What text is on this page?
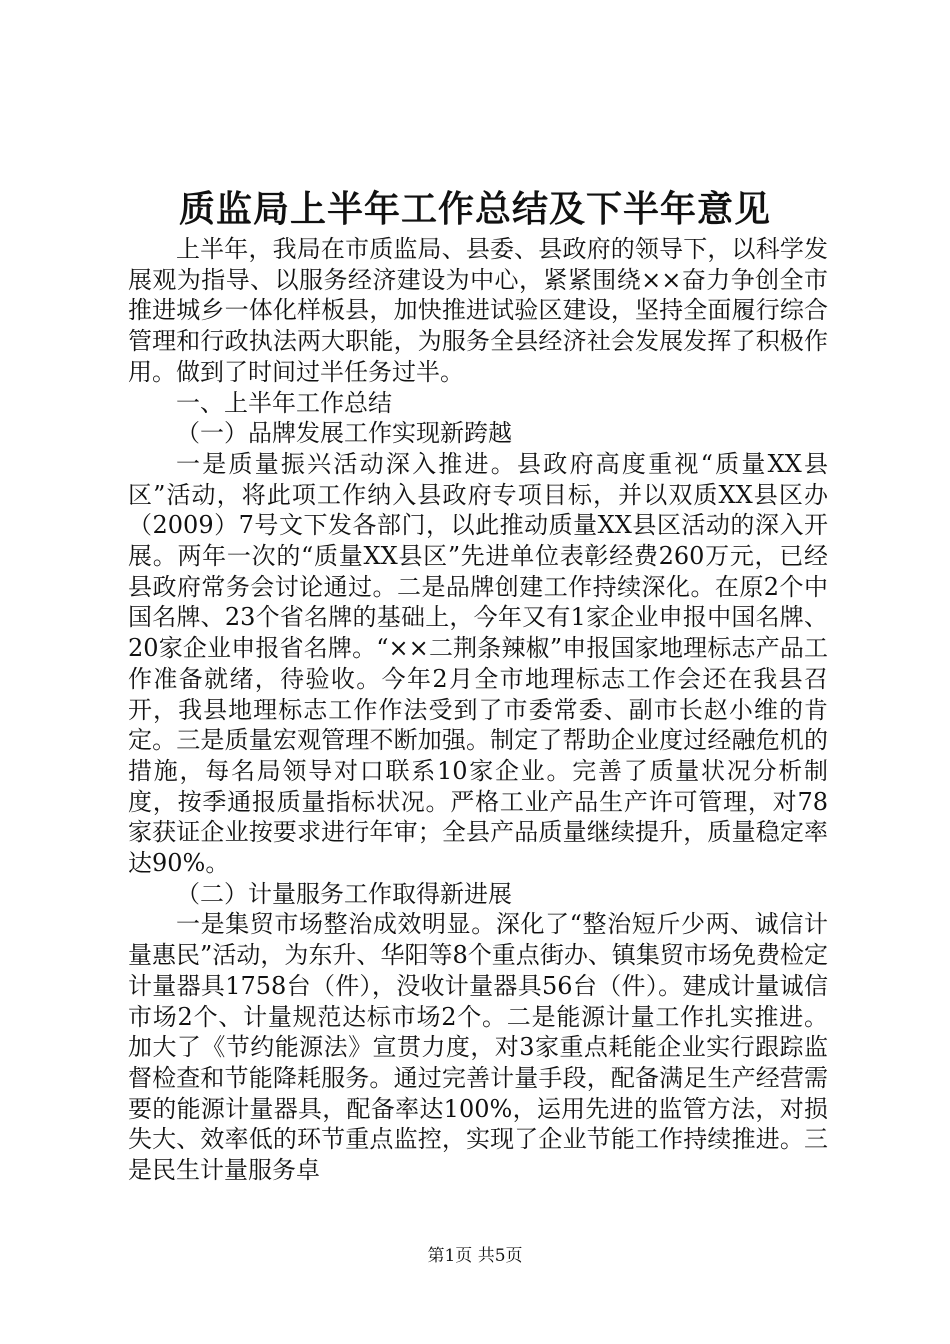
质监局上半年工作总结及下半年意见

上半年，我局在市质监局、县委、县政府的领导下，以科学发展观为指导、以服务经济建设为中心，紧紧围绕××奋力争创全市推进城乡一体化样板县，加快推进试验区建设，坚持全面履行综合管理和行政执法两大职能，为服务全县经济社会发展发挥了积极作用。做到了时间过半任务过半。

一、上半年工作总结

（一）品牌发展工作实现新跨越

一是质量振兴活动深入推进。县政府高度重视“质量XX县区”活动，将此项工作纳入县政府专项目标，并以双质XX县区办（2009）7号文下发各部门，以此推动质量XX县区活动的深入开展。两年一次的“质量XX县区”先进单位表彰经费260万元，已经县政府常务会讨论通过。二是品牌创建工作持续深化。在原2个中国名牌、23个省名牌的基础上，今年又有1家企业申报中国名牌、20家企业申报省名牌。“××二荆条辣椒”申报国家地理标志产品工作准备就绪，待验收。今年2月全市地理标志工作会还在我县召开，我县地理标志工作作法受到了市委常委、副市长赵小维的肯定。三是质量宏观管理不断加强。制定了帮助企业度过经融危机的措施，每名局领导对口联系10家企业。完善了质量状况分析制度，按季通报质量指标状况。严格工业产品生产许可管理，对78家获证企业按要求进行年审；全县产品质量继续提升，质量稳定率达90%。

（二）计量服务工作取得新进展

一是集贸市场整治成效明显。深化了“整治短斤少两、诚信计量惠民”活动，为东升、华阳等8个重点街办、镇集贸市场免费检定计量器具1758台（件），没收计量器具56台（件）。建成计量诚信市场2个、计量规范达标市场2个。二是能源计量工作扎实推进。加大了《节约能源法》宣贯力度，对3家重点耗能企业实行跟踪监督检查和节能降耗服务。通过完善计量手段，配备满足生产经营需要的能源计量器具，配备率达100%，运用先进的监管方法，对损失大、效率低的环节重点监控，实现了企业节能工作持续推进。三是民生计量服务卓

第1页 共5页
